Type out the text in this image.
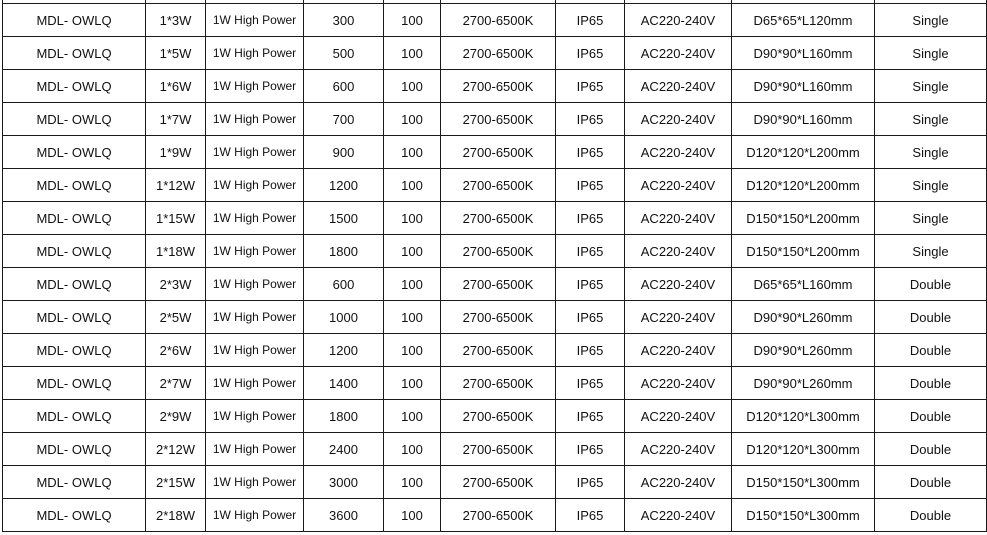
MDL- OWLQ	1*3W	1W High Power	300	100	2700-6500K	IP65	AC220-240V	D65*65*L120mm	Single
MDL- OWLQ	1*5W	1W High Power	500	100	2700-6500K	IP65	AC220-240V	D90*90*L160mm	Single
MDL- OWLQ	1*6W	1W High Power	600	100	2700-6500K	IP65	AC220-240V	D90*90*L160mm	Single
MDL- OWLQ	1*7W	1W High Power	700	100	2700-6500K	IP65	AC220-240V	D90*90*L160mm	Single
MDL- OWLQ	1*9W	1W High Power	900	100	2700-6500K	IP65	AC220-240V	D120*120*L200mm	Single
MDL- OWLQ	1*12W	1W High Power	1200	100	2700-6500K	IP65	AC220-240V	D120*120*L200mm	Single
MDL- OWLQ	1*15W	1W High Power	1500	100	2700-6500K	IP65	AC220-240V	D150*150*L200mm	Single
MDL- OWLQ	1*18W	1W High Power	1800	100	2700-6500K	IP65	AC220-240V	D150*150*L200mm	Single
MDL- OWLQ	2*3W	1W High Power	600	100	2700-6500K	IP65	AC220-240V	D65*65*L160mm	Double
MDL- OWLQ	2*5W	1W High Power	1000	100	2700-6500K	IP65	AC220-240V	D90*90*L260mm	Double
MDL- OWLQ	2*6W	1W High Power	1200	100	2700-6500K	IP65	AC220-240V	D90*90*L260mm	Double
MDL- OWLQ	2*7W	1W High Power	1400	100	2700-6500K	IP65	AC220-240V	D90*90*L260mm	Double
MDL- OWLQ	2*9W	1W High Power	1800	100	2700-6500K	IP65	AC220-240V	D120*120*L300mm	Double
MDL- OWLQ	2*12W	1W High Power	2400	100	2700-6500K	IP65	AC220-240V	D120*120*L300mm	Double
MDL- OWLQ	2*15W	1W High Power	3000	100	2700-6500K	IP65	AC220-240V	D150*150*L300mm	Double
MDL- OWLQ	2*18W	1W High Power	3600	100	2700-6500K	IP65	AC220-240V	D150*150*L300mm	Double
